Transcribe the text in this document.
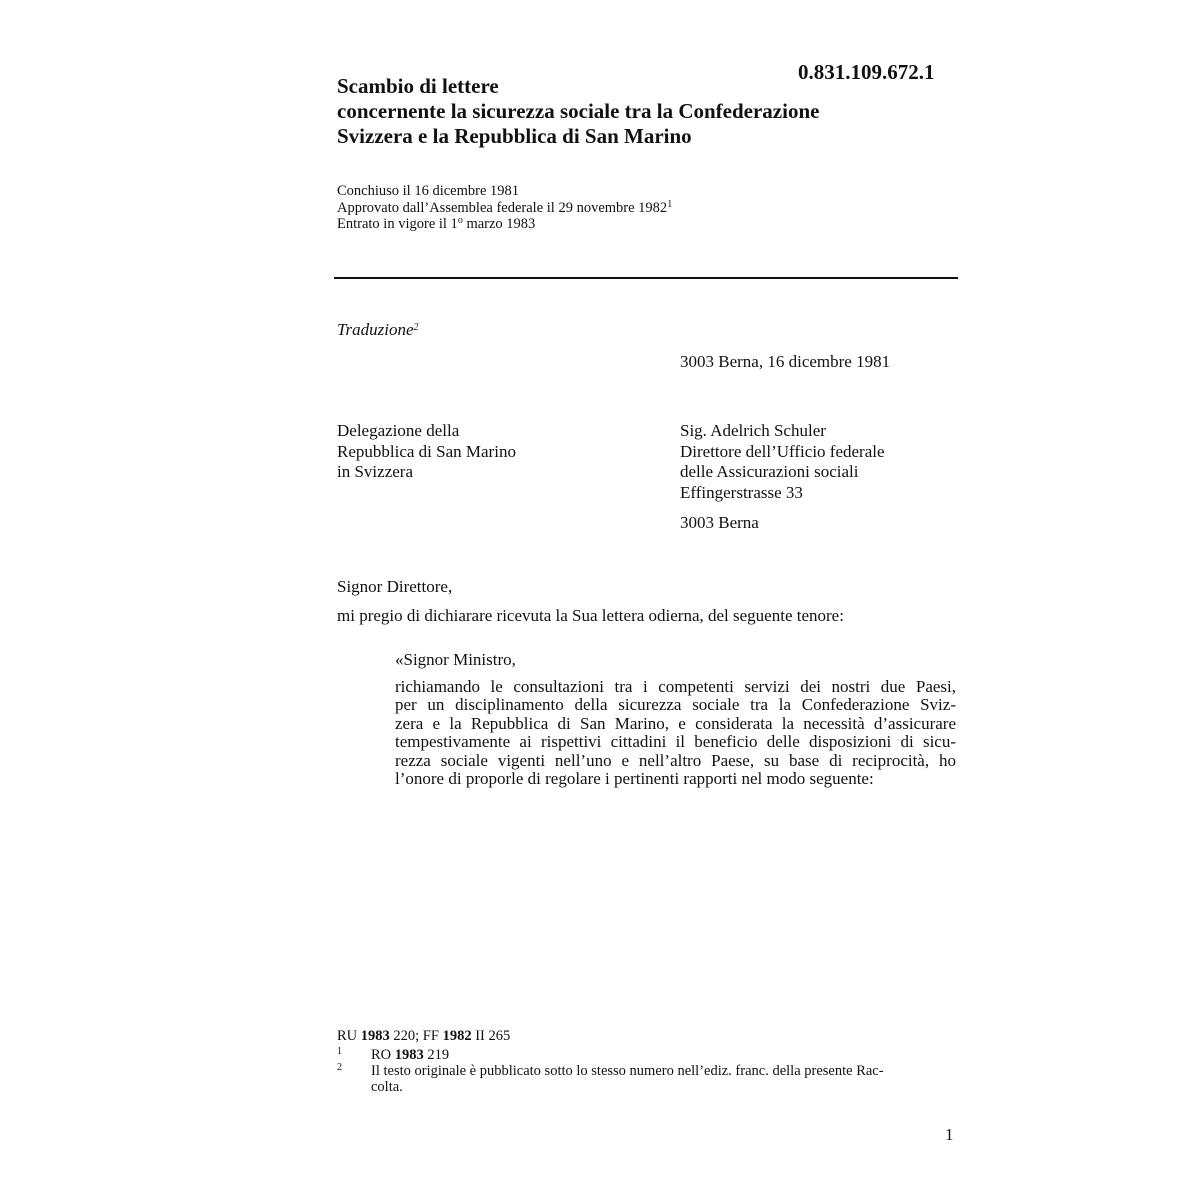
0.831.109.672.1
Scambio di lettere
concernente la sicurezza sociale tra la Confederazione
Svizzera e la Repubblica di San Marino
Conchiuso il 16 dicembre 1981
Approvato dall’Assemblea federale il 29 novembre 1982$^1$
Entrato in vigore il 1$^o$ marzo 1983
Traduzione$^2$
3003 Berna, 16 dicembre 1981
Delegazione della
Repubblica di San Marino
in Svizzera
Sig. Adelrich Schuler
Direttore dell’Ufficio federale
delle Assicurazioni sociali
Effingerstrasse 33
3003 Berna
Signor Direttore,
mi pregio di dichiarare ricevuta la Sua lettera odierna, del seguente tenore:
«Signor Ministro,
richiamando le consultazioni tra i competenti servizi dei nostri due Paesi,
per un disciplinamento della sicurezza sociale tra la Confederazione Sviz-
zera e la Repubblica di San Marino, e considerata la necessità d’assicurare
tempestivamente ai rispettivi cittadini il beneficio delle disposizioni di sicu-
rezza sociale vigenti nell’uno e nell’altro Paese, su base di reciprocità, ho
l’onore di proporle di regolare i pertinenti rapporti nel modo seguente:
RU 1983 220; FF 1982 II 265
1 RO 1983 219
2 Il testo originale è pubblicato sotto lo stesso numero nell’ediz. franc. della presente Rac-
colta.
1
